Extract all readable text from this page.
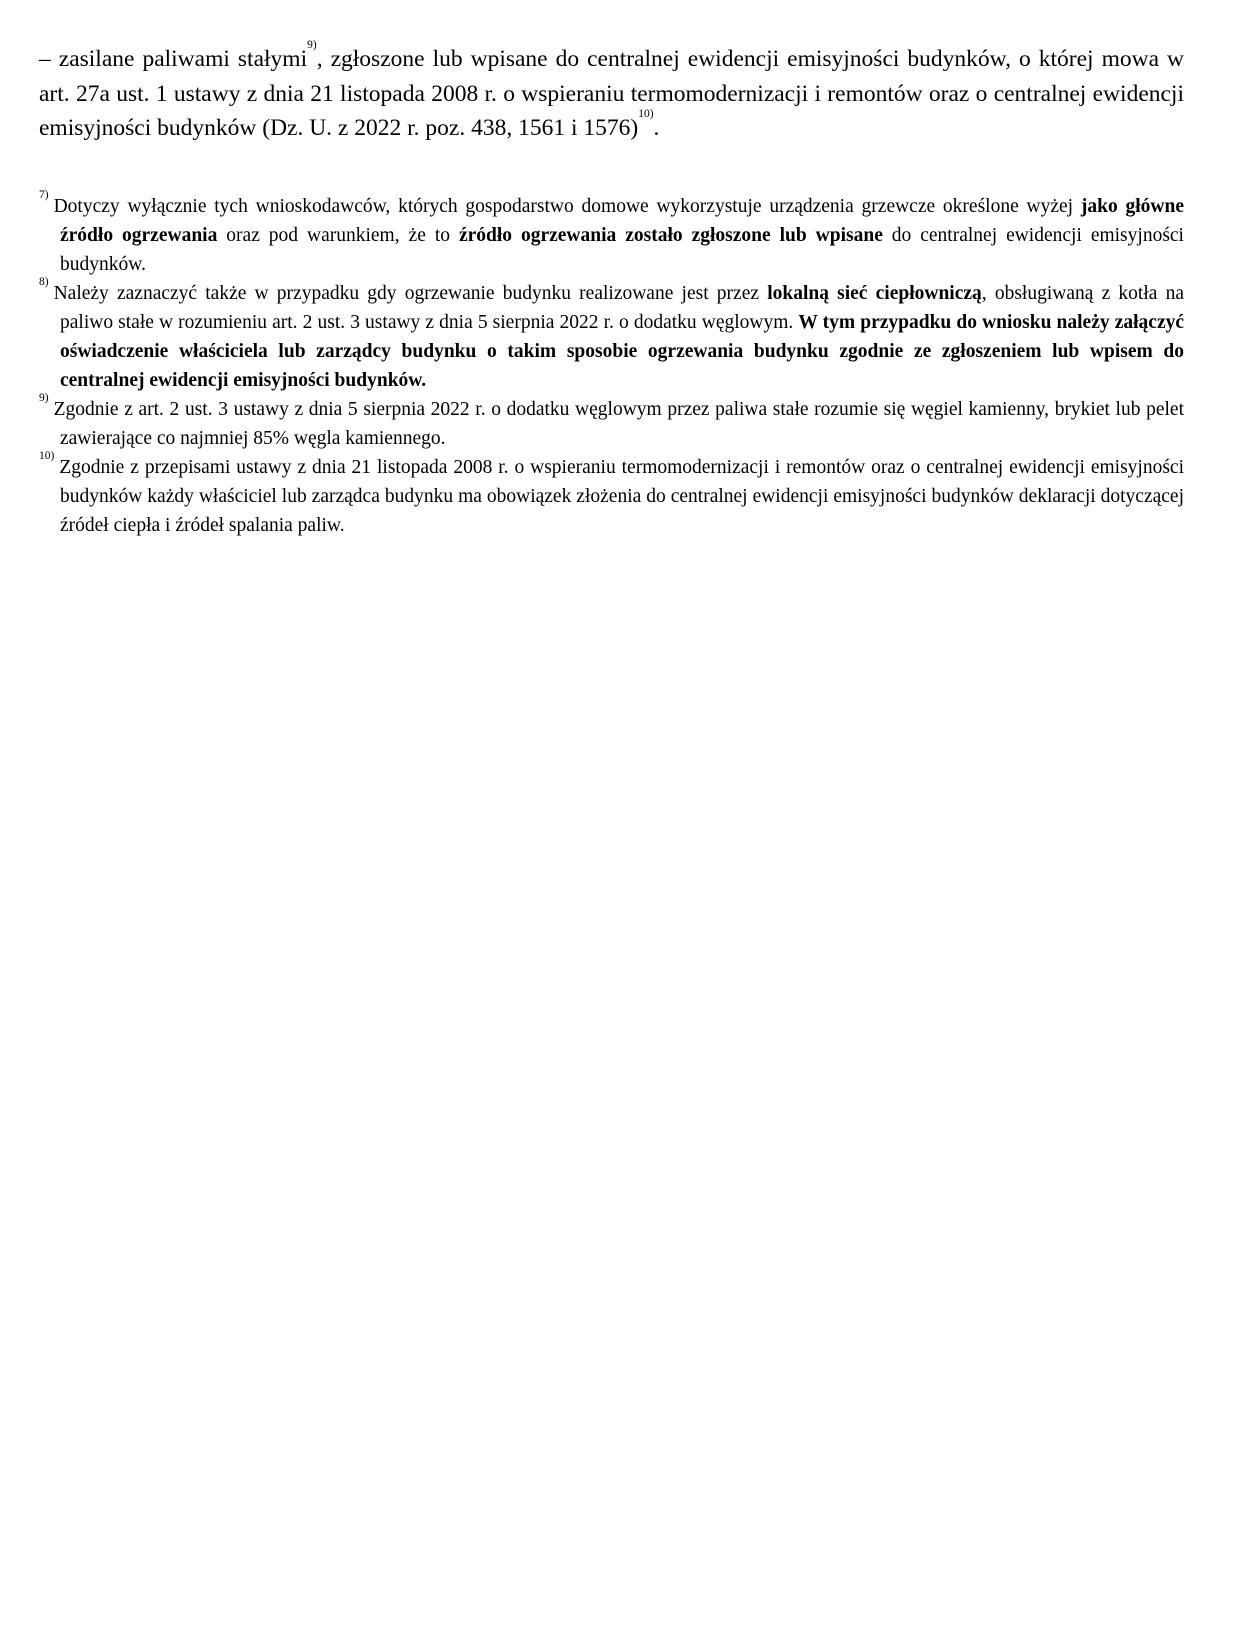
– zasilane paliwami stałymi$^{9)}$, zgłoszone lub wpisane do centralnej ewidencji emisyjności budynków, o której mowa w art. 27a ust. 1 ustawy z dnia 21 listopada 2008 r. o wspieraniu termomodernizacji i remontów oraz o centralnej ewidencji emisyjności budynków (Dz. U. z 2022 r. poz. 438, 1561 i 1576)$^{10)}$.

$^{7)}$Dotyczy wyłącznie tych wnioskodawców, których gospodarstwo domowe wykorzystuje urządzenia grzewcze określone wyżej jako główne źródło ogrzewania oraz pod warunkiem, że to źródło ogrzewania zostało zgłoszone lub wpisane do centralnej ewidencji emisyjności budynków.

$^{8)}$Należy zaznaczyć także w przypadku gdy ogrzewanie budynku realizowane jest przez lokalną sieć ciepłowniczą, obsługiwaną z kotła na paliwo stałe w rozumieniu art. 2 ust. 3 ustawy z dnia 5 sierpnia 2022 r. o dodatku węglowym. W tym przypadku do wniosku należy załączyć oświadczenie właściciela lub zarządcy budynku o takim sposobie ogrzewania budynku zgodnie ze zgłoszeniem lub wpisem do centralnej ewidencji emisyjności budynków.

$^{9)}$Zgodnie z art. 2 ust. 3 ustawy z dnia 5 sierpnia 2022 r. o dodatku węglowym przez paliwa stałe rozumie się węgiel kamienny, brykiet lub pelet zawierające co najmniej 85% węgla kamiennego.

$^{10)}$Zgodnie z przepisami ustawy z dnia 21 listopada 2008 r. o wspieraniu termomodernizacji i remontów oraz o centralnej ewidencji emisyjności budynków każdy właściciel lub zarządca budynku ma obowiązek złożenia do centralnej ewidencji emisyjności budynków deklaracji dotyczącej źródeł ciepła i źródeł spalania paliw.
